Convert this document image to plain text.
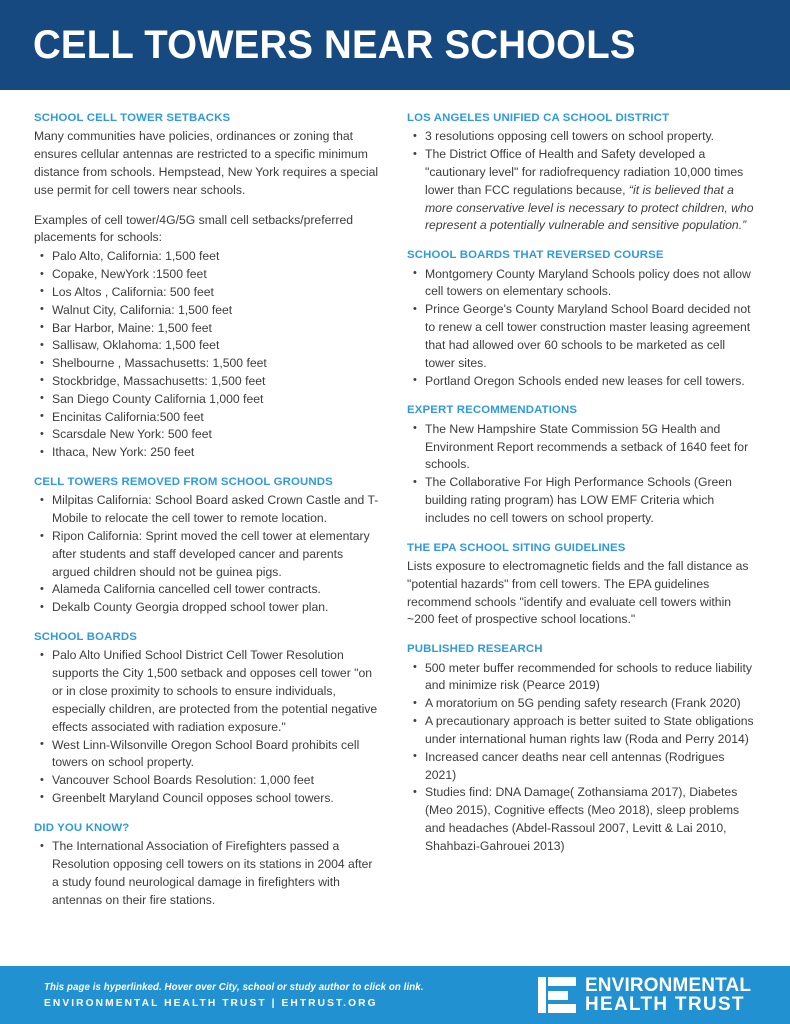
CELL TOWERS NEAR SCHOOLS
SCHOOL CELL TOWER SETBACKS

Many communities have policies, ordinances or zoning that ensures cellular antennas are restricted to a specific minimum distance from schools. Hempstead, New York requires a special use permit for cell towers near schools.

Examples of cell tower/4G/5G small cell setbacks/preferred placements for schools:

• Palo Alto, California: 1,500 feet
• Copake, NewYork :1500 feet
• Los Altos , California: 500 feet
• Walnut City, California: 1,500 feet
• Bar Harbor, Maine: 1,500 feet
• Sallisaw, Oklahoma: 1,500 feet
• Shelbourne , Massachusetts: 1,500 feet
• Stockbridge, Massachusetts: 1,500 feet
• San Diego County California 1,000 feet
• Encinitas California:500 feet
• Scarsdale New York: 500 feet
• Ithaca, New York: 250 feet
CELL TOWERS REMOVED FROM SCHOOL GROUNDS
• Milpitas California: School Board asked Crown Castle and T-Mobile to relocate the cell tower to remote location.
• Ripon California: Sprint moved the cell tower at elementary after students and staff developed cancer and parents argued children should not be guinea pigs.
• Alameda California cancelled cell tower contracts.
• Dekalb County Georgia dropped school tower plan.
SCHOOL BOARDS
• Palo Alto Unified School District Cell Tower Resolution supports the City 1,500 setback and opposes cell tower "on or in close proximity to schools to ensure individuals, especially children, are protected from the potential negative effects associated with radiation exposure."
• West Linn-Wilsonville Oregon School Board prohibits cell towers on school property.
• Vancouver School Boards Resolution: 1,000 feet
• Greenbelt Maryland Council opposes school towers.
DID YOU KNOW?
• The International Association of Firefighters passed a Resolution opposing cell towers on its stations in 2004 after a study found neurological damage in firefighters with antennas on their fire stations.
LOS ANGELES UNIFIED CA SCHOOL DISTRICT
• 3 resolutions opposing cell towers on school property.
• The District Office of Health and Safety developed a "cautionary level" for radiofrequency radiation 10,000 times lower than FCC regulations because, “it is believed that a more conservative level is necessary to protect children, who represent a potentially vulnerable and sensitive population.”
SCHOOL BOARDS THAT REVERSED COURSE
• Montgomery County Maryland Schools policy does not allow cell towers on elementary schools.
• Prince George's County Maryland School Board decided not to renew a cell tower construction master leasing agreement that had allowed over 60 schools to be marketed as cell tower sites.
• Portland Oregon Schools ended new leases for cell towers.
EXPERT RECOMMENDATIONS
• The New Hampshire State Commission 5G Health and Environment Report recommends a setback of 1640 feet for schools.
• The Collaborative For High Performance Schools (Green building rating program) has LOW EMF Criteria which includes no cell towers on school property.
THE EPA SCHOOL SITING GUIDELINES

Lists exposure to electromagnetic fields and the fall distance as "potential hazards" from cell towers. The EPA guidelines recommend schools "identify and evaluate cell towers within ~200 feet of prospective school locations."

PUBLISHED RESEARCH
• 500 meter buffer recommended for schools to reduce liability and minimize risk (Pearce 2019)
• A moratorium on 5G pending safety research (Frank 2020)
• A precautionary approach is better suited to State obligations under international human rights law (Roda and Perry 2014)
• Increased cancer deaths near cell antennas (Rodrigues 2021)
• Studies find: DNA Damage( Zothansiama 2017), Diabetes (Meo 2015), Cognitive effects (Meo 2018), sleep problems and headaches (Abdel-Rassoul 2007, Levitt & Lai 2010, Shahbazi-Gahrouei 2013)
This page is hyperlinked. Hover over City, school or study author to click on link.
ENVIRONMENTAL HEALTH TRUST | EHTRUST.ORG
ENVIRONMENTAL
HEALTH TRUST
